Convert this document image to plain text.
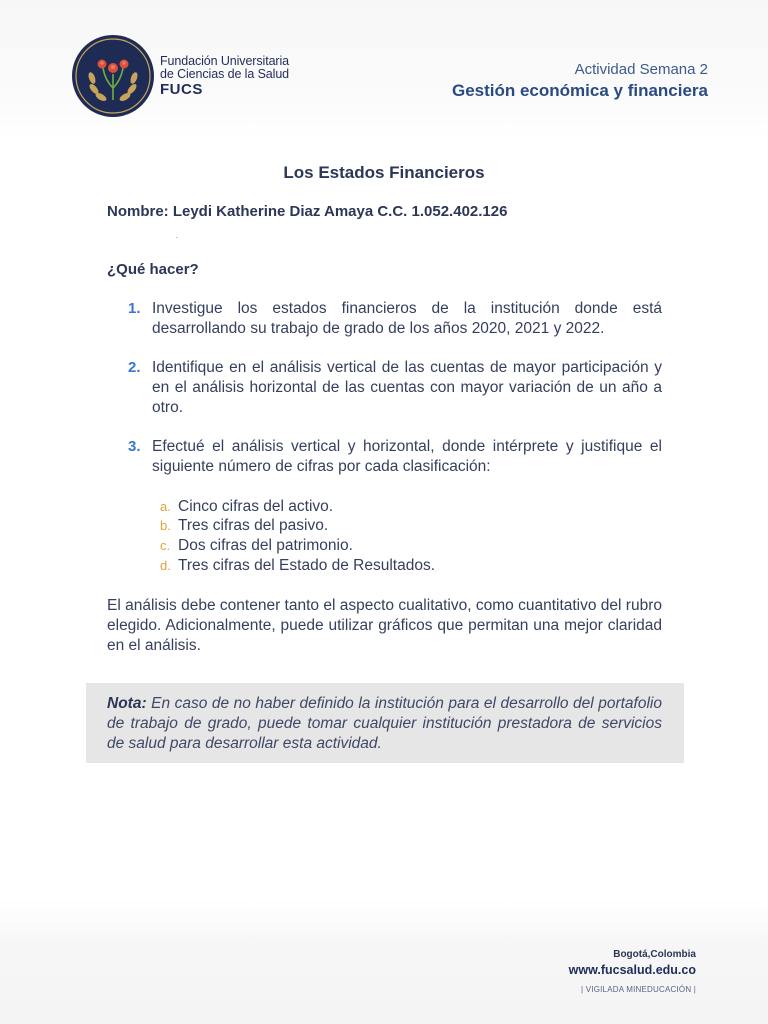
Fundación Universitaria
de Ciencias de la Salud
FUCS
Actividad Semana 2
Gestión económica y financiera
Los Estados Financieros
Nombre: Leydi Katherine Diaz Amaya C.C. 1.052.402.126
¿Qué hacer?
1. Investigue los estados financieros de la institución donde está desarrollando su trabajo de grado de los años 2020, 2021 y 2022.
2. Identifique en el análisis vertical de las cuentas de mayor participación y en el análisis horizontal de las cuentas con mayor variación de un año a otro.
3. Efectué el análisis vertical y horizontal, donde intérprete y justifique el siguiente número de cifras por cada clasificación:
a. Cinco cifras del activo.
b. Tres cifras del pasivo.
c. Dos cifras del patrimonio.
d. Tres cifras del Estado de Resultados.
El análisis debe contener tanto el aspecto cualitativo, como cuantitativo del rubro elegido. Adicionalmente, puede utilizar gráficos que permitan una mejor claridad en el análisis.
Nota: En caso de no haber definido la institución para el desarrollo del portafolio de trabajo de grado, puede tomar cualquier institución prestadora de servicios de salud para desarrollar esta actividad.
Bogotá,Colombia
www.fucsalud.edu.co
| VIGILADA MINEDUCACIÓN |
